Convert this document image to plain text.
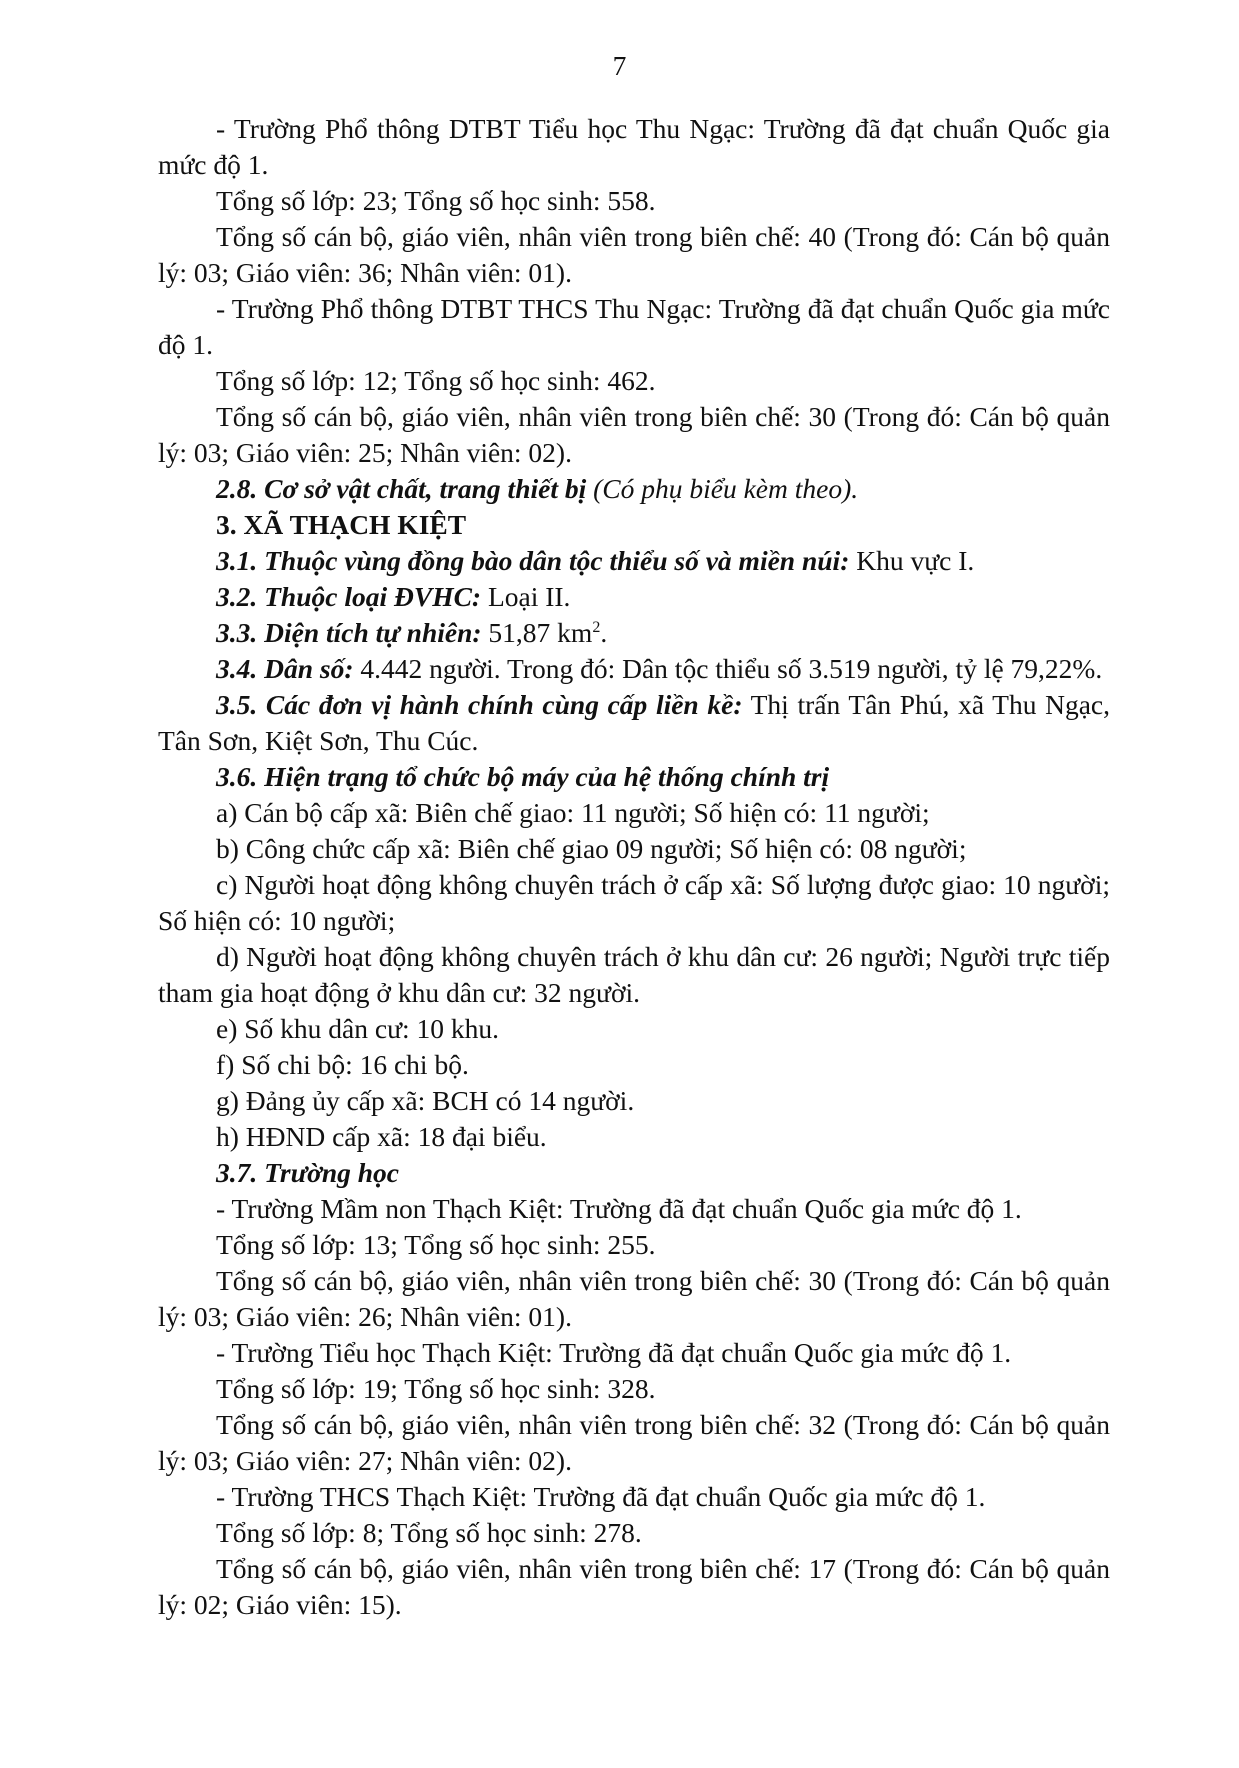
7

- Trường Phổ thông DTBT Tiểu học Thu Ngạc: Trường đã đạt chuẩn Quốc gia mức độ 1.

Tổng số lớp: 23; Tổng số học sinh: 558.

Tổng số cán bộ, giáo viên, nhân viên trong biên chế: 40 (Trong đó: Cán bộ quản lý: 03; Giáo viên: 36; Nhân viên: 01).

- Trường Phổ thông DTBT THCS Thu Ngạc: Trường đã đạt chuẩn Quốc gia mức độ 1.

Tổng số lớp: 12; Tổng số học sinh: 462.

Tổng số cán bộ, giáo viên, nhân viên trong biên chế: 30 (Trong đó: Cán bộ quản lý: 03; Giáo viên: 25; Nhân viên: 02).

2.8. Cơ sở vật chất, trang thiết bị (Có phụ biểu kèm theo).

3. XÃ THẠCH KIỆT

3.1. Thuộc vùng đồng bào dân tộc thiểu số và miền núi: Khu vực I.

3.2. Thuộc loại ĐVHC: Loại II.

3.3. Diện tích tự nhiên: 51,87 $km^2$.

3.4. Dân số: 4.442 người. Trong đó: Dân tộc thiểu số 3.519 người, tỷ lệ 79,22%.

3.5. Các đơn vị hành chính cùng cấp liền kề: Thị trấn Tân Phú, xã Thu Ngạc, Tân Sơn, Kiệt Sơn, Thu Cúc.

3.6. Hiện trạng tổ chức bộ máy của hệ thống chính trị

a) Cán bộ cấp xã: Biên chế giao: 11 người; Số hiện có: 11 người;

b) Công chức cấp xã: Biên chế giao 09 người; Số hiện có: 08 người;

c) Người hoạt động không chuyên trách ở cấp xã: Số lượng được giao: 10 người; Số hiện có: 10 người;

d) Người hoạt động không chuyên trách ở khu dân cư: 26 người; Người trực tiếp tham gia hoạt động ở khu dân cư: 32 người.

e) Số khu dân cư: 10 khu.

f) Số chi bộ: 16 chi bộ.

g) Đảng ủy cấp xã: BCH có 14 người.

h) HĐND cấp xã: 18 đại biểu.

3.7. Trường học

- Trường Mầm non Thạch Kiệt: Trường đã đạt chuẩn Quốc gia mức độ 1.

Tổng số lớp: 13; Tổng số học sinh: 255.

Tổng số cán bộ, giáo viên, nhân viên trong biên chế: 30 (Trong đó: Cán bộ quản lý: 03; Giáo viên: 26; Nhân viên: 01).

- Trường Tiểu học Thạch Kiệt: Trường đã đạt chuẩn Quốc gia mức độ 1.

Tổng số lớp: 19; Tổng số học sinh: 328.

Tổng số cán bộ, giáo viên, nhân viên trong biên chế: 32 (Trong đó: Cán bộ quản lý: 03; Giáo viên: 27; Nhân viên: 02).

- Trường THCS Thạch Kiệt: Trường đã đạt chuẩn Quốc gia mức độ 1.

Tổng số lớp: 8; Tổng số học sinh: 278.

Tổng số cán bộ, giáo viên, nhân viên trong biên chế: 17 (Trong đó: Cán bộ quản lý: 02; Giáo viên: 15).
